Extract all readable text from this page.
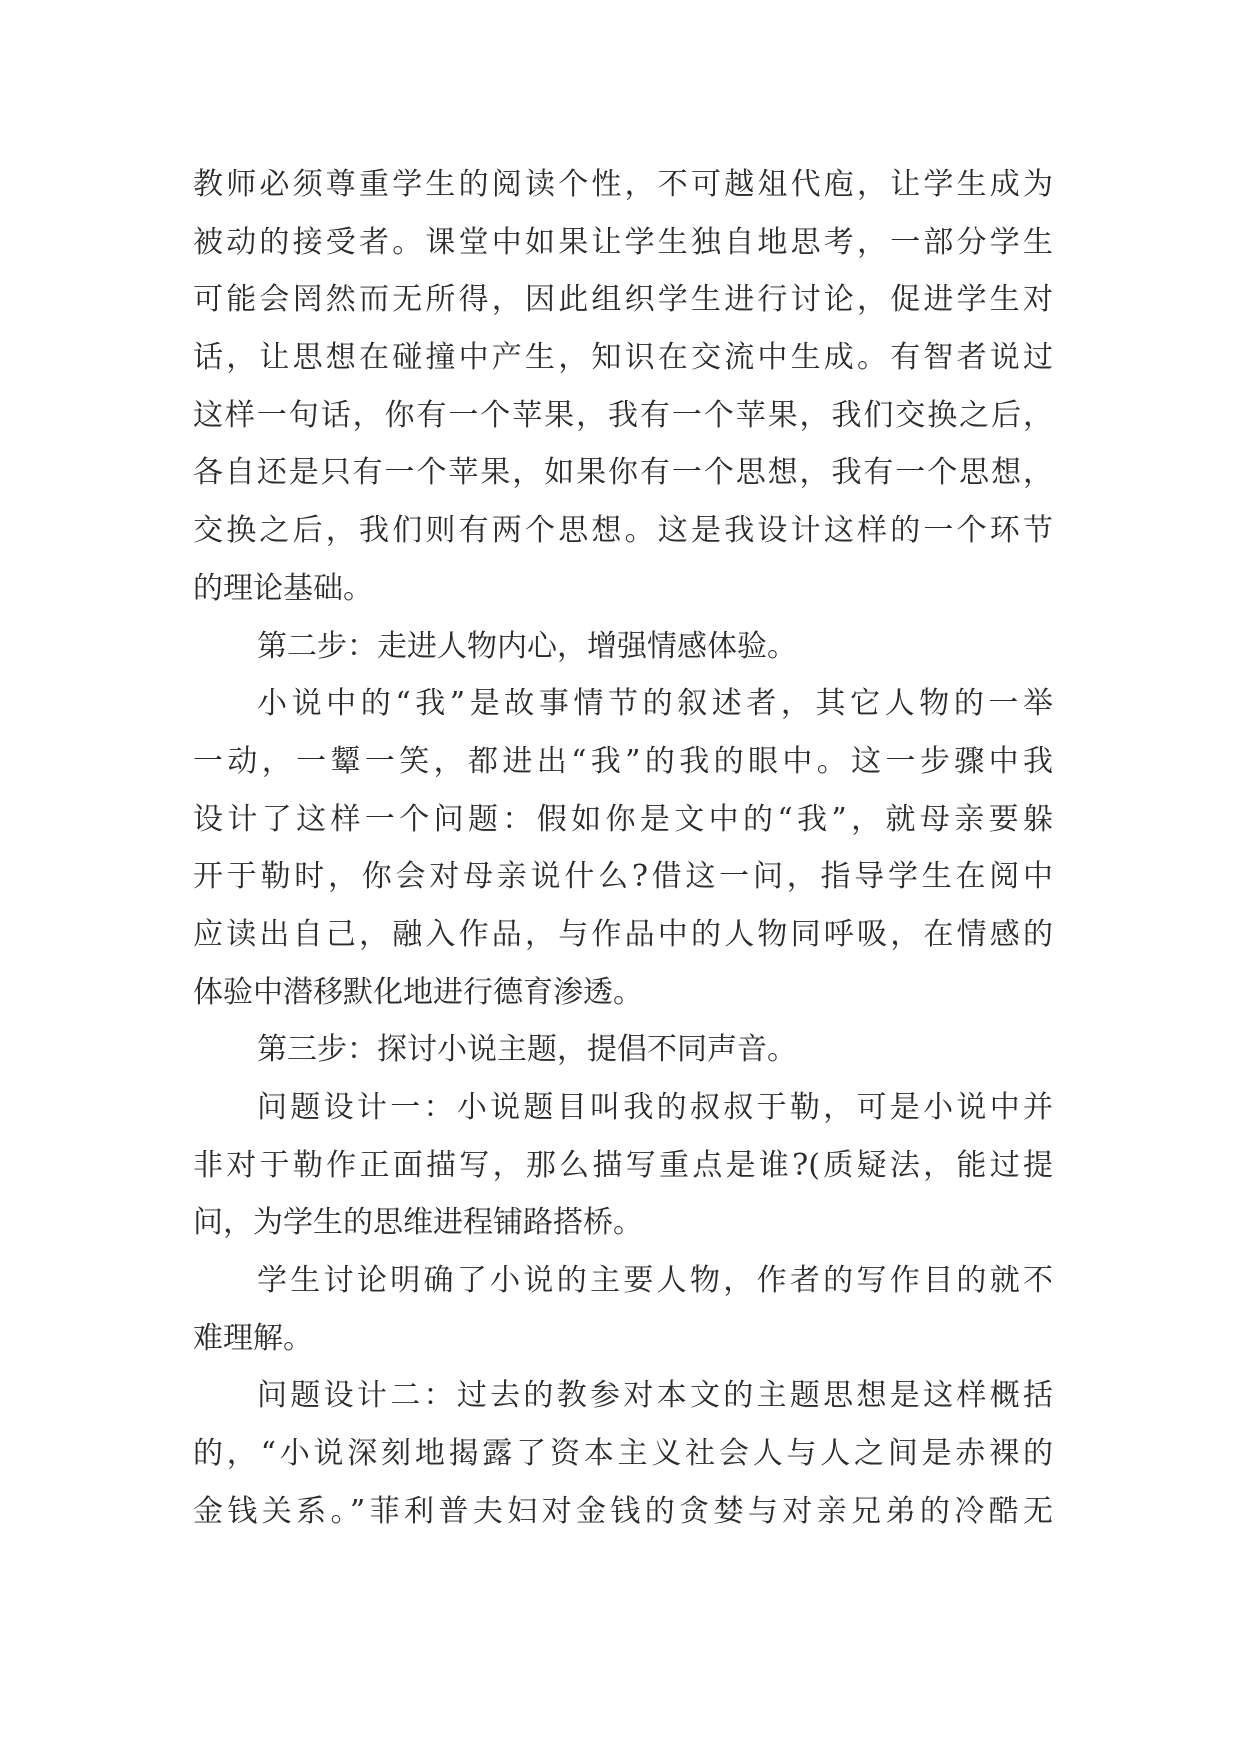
教师必须尊重学生的阅读个性，不可越俎代庖，让学生成为
被动的接受者。课堂中如果让学生独自地思考，一部分学生
可能会罔然而无所得，因此组织学生进行讨论，促进学生对
话，让思想在碰撞中产生，知识在交流中生成。有智者说过
这样一句话，你有一个苹果，我有一个苹果，我们交换之后，
各自还是只有一个苹果，如果你有一个思想，我有一个思想，
交换之后，我们则有两个思想。这是我设计这样的一个环节
的理论基础。
第二步：走进人物内心，增强情感体验。
小说中的“我”是故事情节的叙述者，其它人物的一举
一动，一颦一笑，都进出“我”的我的眼中。这一步骤中我
设计了这样一个问题：假如你是文中的“我”，就母亲要躲
开于勒时，你会对母亲说什么?借这一问，指导学生在阅中
应读出自己，融入作品，与作品中的人物同呼吸，在情感的
体验中潜移默化地进行德育渗透。
第三步：探讨小说主题，提倡不同声音。
问题设计一：小说题目叫我的叔叔于勒，可是小说中并
非对于勒作正面描写，那么描写重点是谁?(质疑法，能过提
问，为学生的思维进程铺路搭桥。
学生讨论明确了小说的主要人物，作者的写作目的就不
难理解。
问题设计二：过去的教参对本文的主题思想是这样概括
的，“小说深刻地揭露了资本主义社会人与人之间是赤裸的
金钱关系。”菲利普夫妇对金钱的贪婪与对亲兄弟的冷酷无
